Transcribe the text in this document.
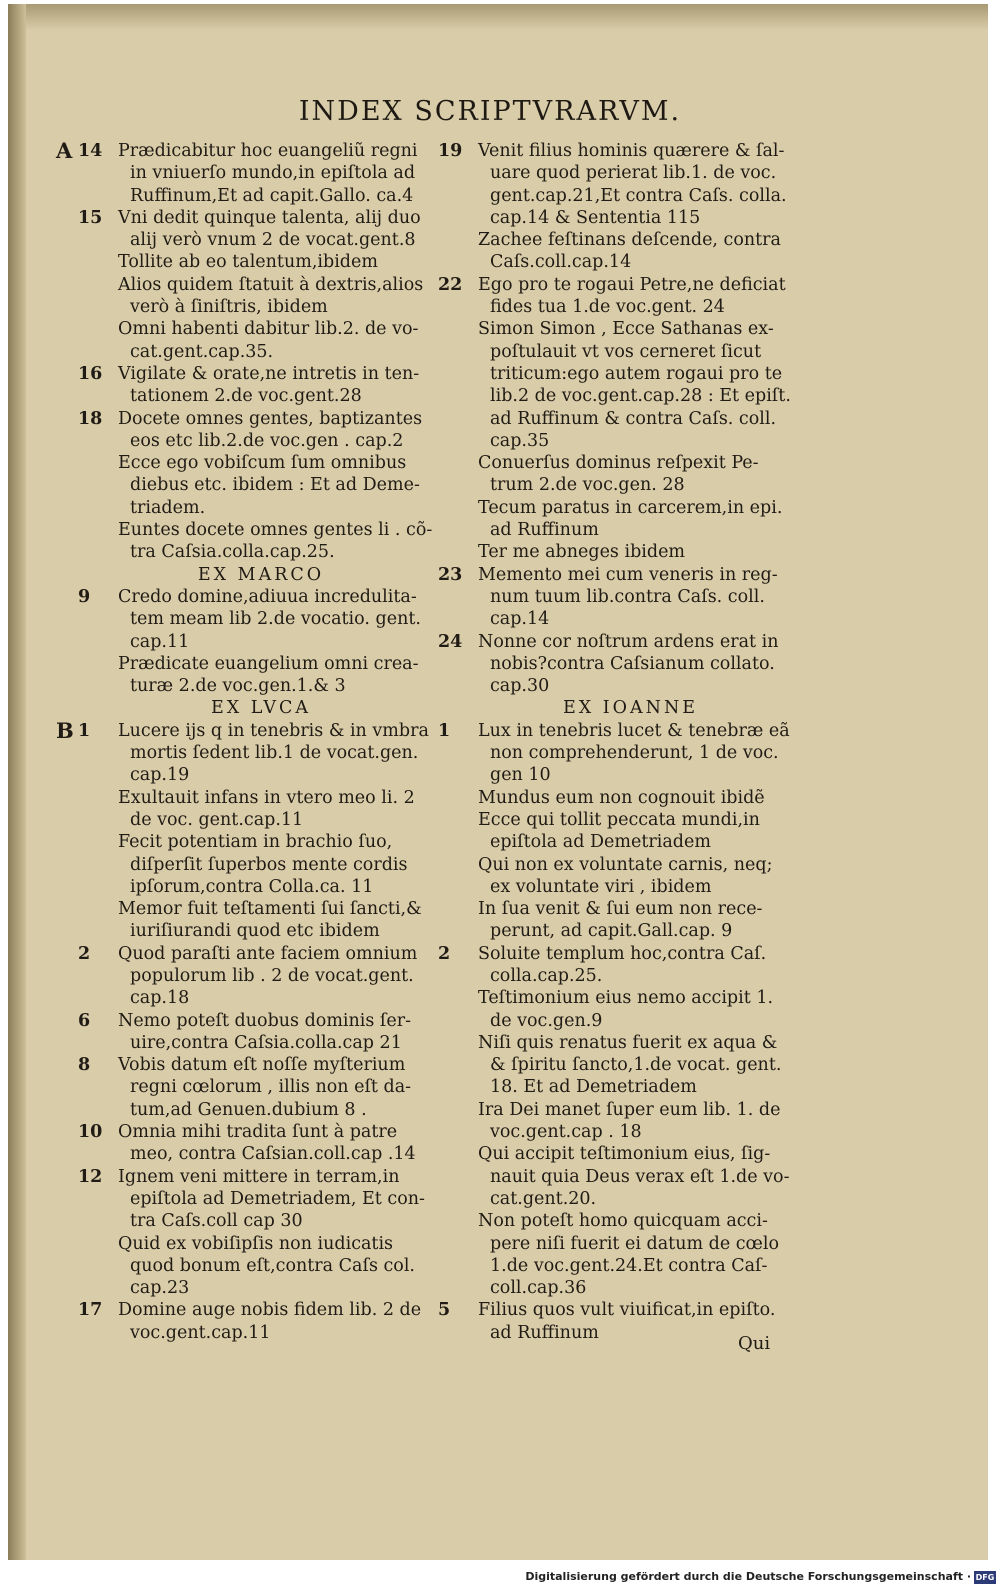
INDEX SCRIPTVRARVM.
A 14 Prædicabitur hoc euangeliũ regni
in vniuerſo mundo,in epiſtola ad
Ruffinum,Et ad capit.Gallo. ca.4
15 Vni dedit quinque talenta, alij duo
alij verò vnum 2 de vocat.gent.8
Tollite ab eo talentum,ibidem
Alios quidem ſtatuit à dextris,alios
verò à ſiniſtris, ibidem
Omni habenti dabitur lib.2. de vo-
cat.gent.cap.35.
16 Vigilate & orate,ne intretis in ten-
tationem 2.de voc.gent.28
18 Docete omnes gentes, baptizantes
eos etc lib.2.de voc.gen . cap.2
Ecce ego vobiſcum ſum omnibus
diebus etc. ibidem : Et ad Deme-
triadem.
Euntes docete omnes gentes li . cõ-
tra Caſsia.colla.cap.25.
EX MARCO
9 Credo domine,adiuua incredulita-
tem meam lib 2.de vocatio. gent.
cap.11
Prædicate euangelium omni crea-
turæ 2.de voc.gen.1.& 3
EX LVCA
B 1 Lucere ijs q in tenebris & in vmbra
mortis ſedent lib.1 de vocat.gen.
cap.19
Exultauit infans in vtero meo li. 2
de voc. gent.cap.11
Fecit potentiam in brachio ſuo,
diſperſit ſuperbos mente cordis
ipſorum,contra Colla.ca. 11
Memor fuit teſtamenti ſui ſancti,&
iuriſiurandi quod etc ibidem
2 Quod paraſti ante faciem omnium
populorum lib . 2 de vocat.gent.
cap.18
6 Nemo poteſt duobus dominis ſer-
uire,contra Caſsia.colla.cap 21
8 Vobis datum eſt noſſe myſterium
regni cœlorum , illis non eſt da-
tum,ad Genuen.dubium 8 .
10 Omnia mihi tradita ſunt à patre
meo, contra Caſsian.coll.cap .14
12 Ignem veni mittere in terram,in
epiſtola ad Demetriadem, Et con-
tra Caſs.coll cap 30
Quid ex vobiſipſis non iudicatis
quod bonum eſt,contra Caſs col.
cap.23
17 Domine auge nobis fidem lib. 2 de
voc.gent.cap.11
19 Venit filius hominis quærere & ſal-
uare quod perierat lib.1. de voc.
gent.cap.21,Et contra Caſs. colla.
cap.14 & Sententia 115
Zachee feſtinans deſcende, contra
Caſs.coll.cap.14
22 Ego pro te rogaui Petre,ne deficiat
fides tua 1.de voc.gent. 24
Simon Simon , Ecce Sathanas ex-
poſtulauit vt vos cerneret ſicut
triticum:ego autem rogaui pro te
lib.2 de voc.gent.cap.28 : Et epiſt.
ad Ruffinum & contra Caſs. coll.
cap.35
Conuerſus dominus reſpexit Pe-
trum 2.de voc.gen. 28
Tecum paratus in carcerem,in epi.
ad Ruffinum
Ter me abneges ibidem
23 Memento mei cum veneris in reg-
num tuum lib.contra Caſs. coll.
cap.14
24 Nonne cor noſtrum ardens erat in
nobis?contra Caſsianum collato.
cap.30
EX IOANNE
1 Lux in tenebris lucet & tenebræ eã
non comprehenderunt, 1 de voc.
gen 10
Mundus eum non cognouit ibidẽ
Ecce qui tollit peccata mundi,in
epiſtola ad Demetriadem
Qui non ex voluntate carnis, neq;
ex voluntate viri , ibidem
In ſua venit & ſui eum non rece-
perunt, ad capit.Gall.cap. 9
2 Soluite templum hoc,contra Caſ.
colla.cap.25.
Teſtimonium eius nemo accipit 1.
de voc.gen.9
Niſi quis renatus fuerit ex aqua &
& ſpiritu ſancto,1.de vocat. gent.
18. Et ad Demetriadem
Ira Dei manet ſuper eum lib. 1. de
voc.gent.cap . 18
Qui accipit teſtimonium eius, ſig-
nauit quia Deus verax eſt 1.de vo-
cat.gent.20.
Non poteſt homo quicquam acci-
pere niſi fuerit ei datum de cœlo
1.de voc.gent.24.Et contra Caſ-
coll.cap.36
5 Filius quos vult viuificat,in epiſto.
ad Ruffinum
Qui
Digitalisierung gefördert durch die Deutsche Forschungsgemeinschaft · DFG
